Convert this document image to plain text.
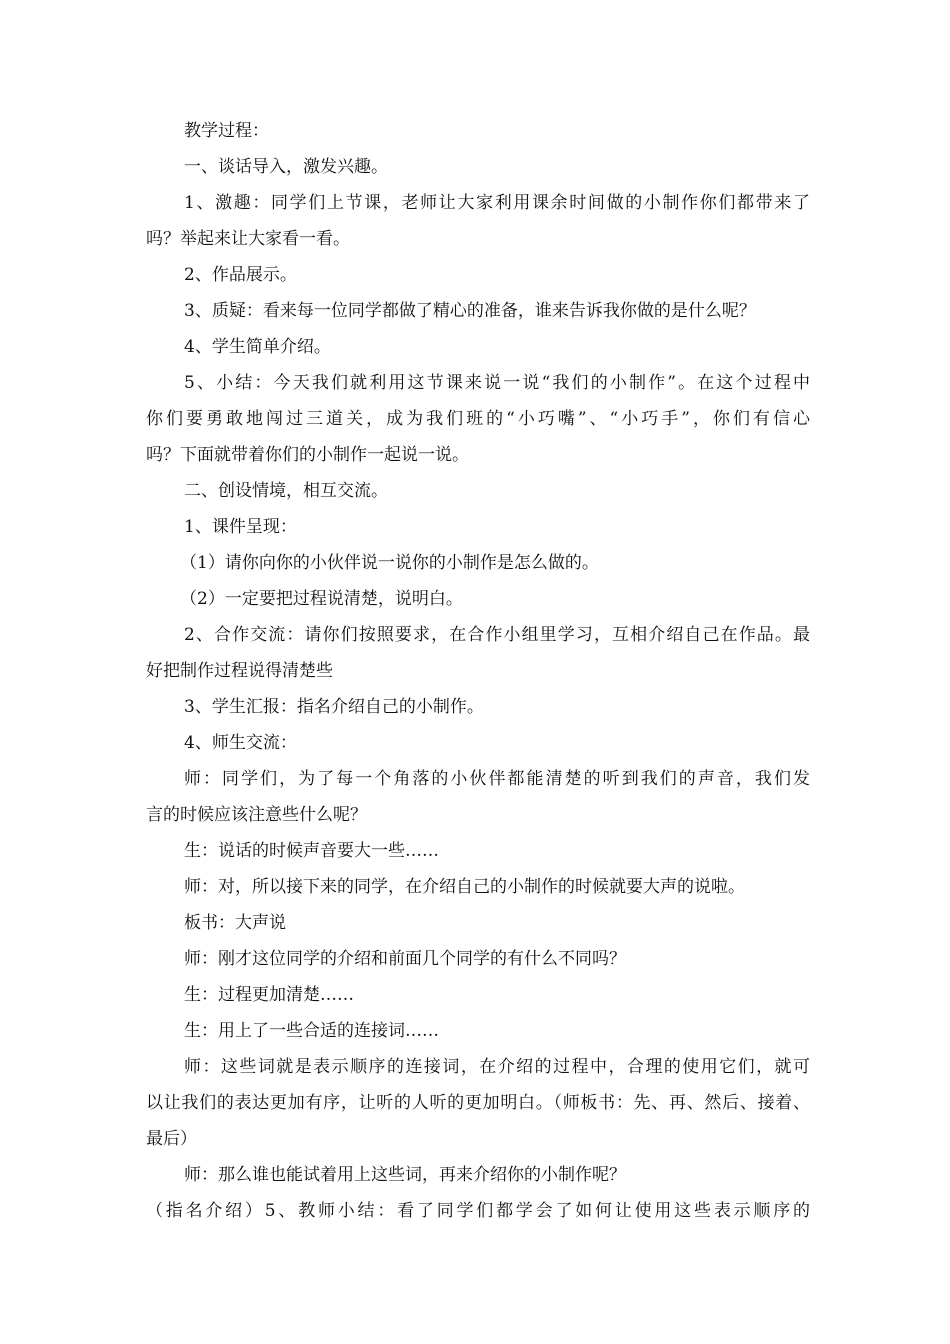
教学过程：
一、谈话导入，激发兴趣。
1、激趣：同学们上节课，老师让大家利用课余时间做的小制作你们都带来了
吗？举起来让大家看一看。
2、作品展示。
3、质疑：看来每一位同学都做了精心的准备，谁来告诉我你做的是什么呢？
4、学生简单介绍。
5、小结：今天我们就利用这节课来说一说“我们的小制作”。在这个过程中
你们要勇敢地闯过三道关，成为我们班的“小巧嘴”、“小巧手”，你们有信心
吗？下面就带着你们的小制作一起说一说。
二、创设情境，相互交流。
1、课件呈现：
（1）请你向你的小伙伴说一说你的小制作是怎么做的。
（2）一定要把过程说清楚，说明白。
2、合作交流：请你们按照要求，在合作小组里学习，互相介绍自己在作品。最
好把制作过程说得清楚些
3、学生汇报：指名介绍自己的小制作。
4、师生交流：
师：同学们，为了每一个角落的小伙伴都能清楚的听到我们的声音，我们发
言的时候应该注意些什么呢？
生：说话的时候声音要大一些……
师：对，所以接下来的同学，在介绍自己的小制作的时候就要大声的说啦。
板书：大声说
师：刚才这位同学的介绍和前面几个同学的有什么不同吗？
生：过程更加清楚……
生：用上了一些合适的连接词……
师：这些词就是表示顺序的连接词，在介绍的过程中，合理的使用它们，就可
以让我们的表达更加有序，让听的人听的更加明白。（师板书：先、再、然后、接着、
最后）
师：那么谁也能试着用上这些词，再来介绍你的小制作呢？
（指名介绍）5、教师小结：看了同学们都学会了如何让使用这些表示顺序的
